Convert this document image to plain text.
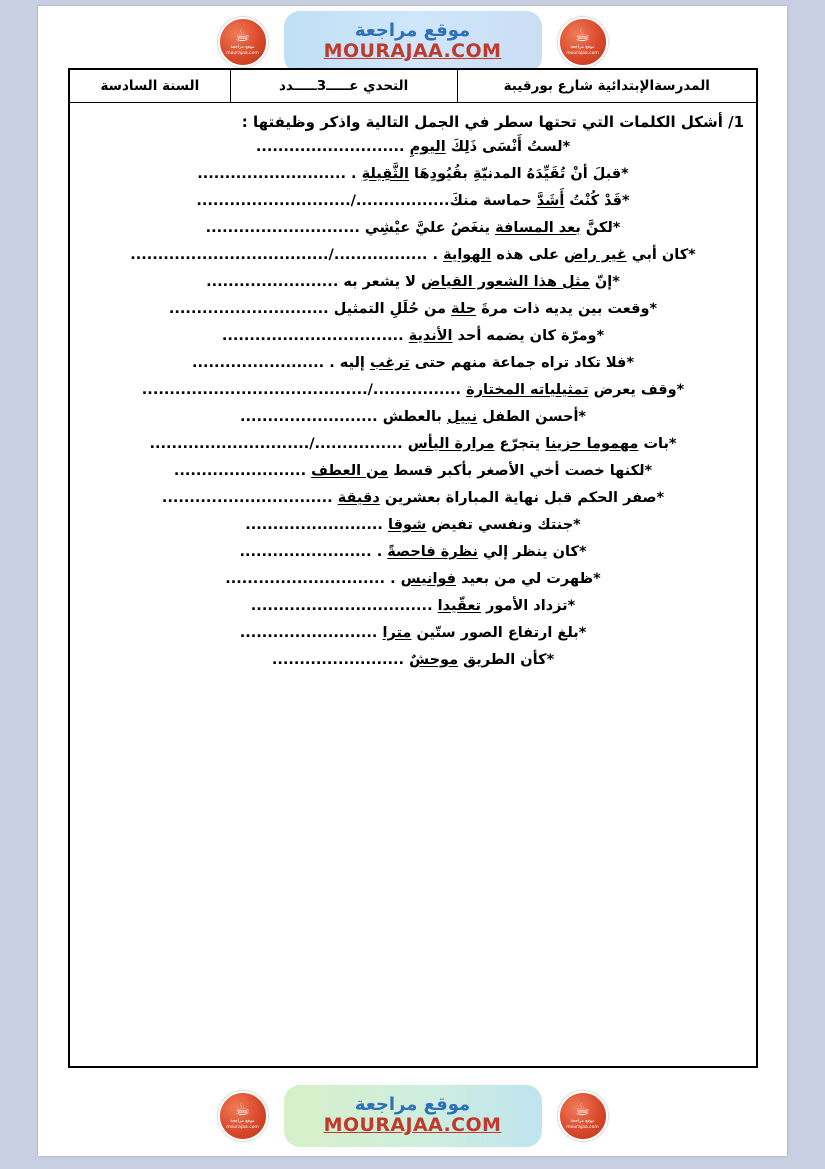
☕
موقع مراجعة mourajaa.com
موقع مراجعة
MOURAJAA.COM
☕
موقع مراجعة mourajaa.com
المدرسةالإبتدائية شارع بورقيبة	التحدي عـــــ3ـــــدد	السنة السادسة
1/ أشكل الكلمات التي تحتها سطر في الجمل التالية واذكر وظيفتها :
*لستُ أَنْسَى ذَلِكَ اليومِ ...........................
*قبلَ أنْ تُقَيِّدَهُ المدنيّةِ بقُيُودِهَا الثَّقِيلةِ . ...........................
*قَدْ كُنْتُ أَشَدَّ حماسة منكَ................./............................
*لكنَّ بعد المسافة ينغَصُ عليَّ عيْشِي ............................
*كان أبي غير راض على هذه الهواية . ................./....................................
*إنّ مثل هذا الشعور القياض لا يشعر به ........................
*وقعت بين يديه ذات مرةَ حلة من حُلَلِ التمثيل .............................
*ومرّة كان يضمه أحد الأندية .................................
*فلا تكاد تراه جماعة منهم حتى ترغب إليه . ........................
*وقف يعرض تمثيلياته المختارة ................/.........................................
*أحسن الطفل نبيل بالعطش .........................
*بات مهموما حزينا يتجرّع مرارة اليأس ................/.............................
*لكنها خصت أخي الأصغر بأكبر قسط من العطف ........................
*صفر الحكم قبل نهاية المباراة بعشرين دقيقة ...............................
*جنتك ونفسي تفيض شوقا .........................
*كان ينظر إلي نظرة فاحصةً . ........................
*ظهرت لي من بعيد فوانيس . .............................
*تزداد الأمور تعقّيدا .................................
*بلغ ارتفاع الصور ستّين مترا .........................
*كأن الطريق موحشٌ ........................
☕
موقع مراجعة mourajaa.com
موقع مراجعة
MOURAJAA.COM
☕
موقع مراجعة mourajaa.com
